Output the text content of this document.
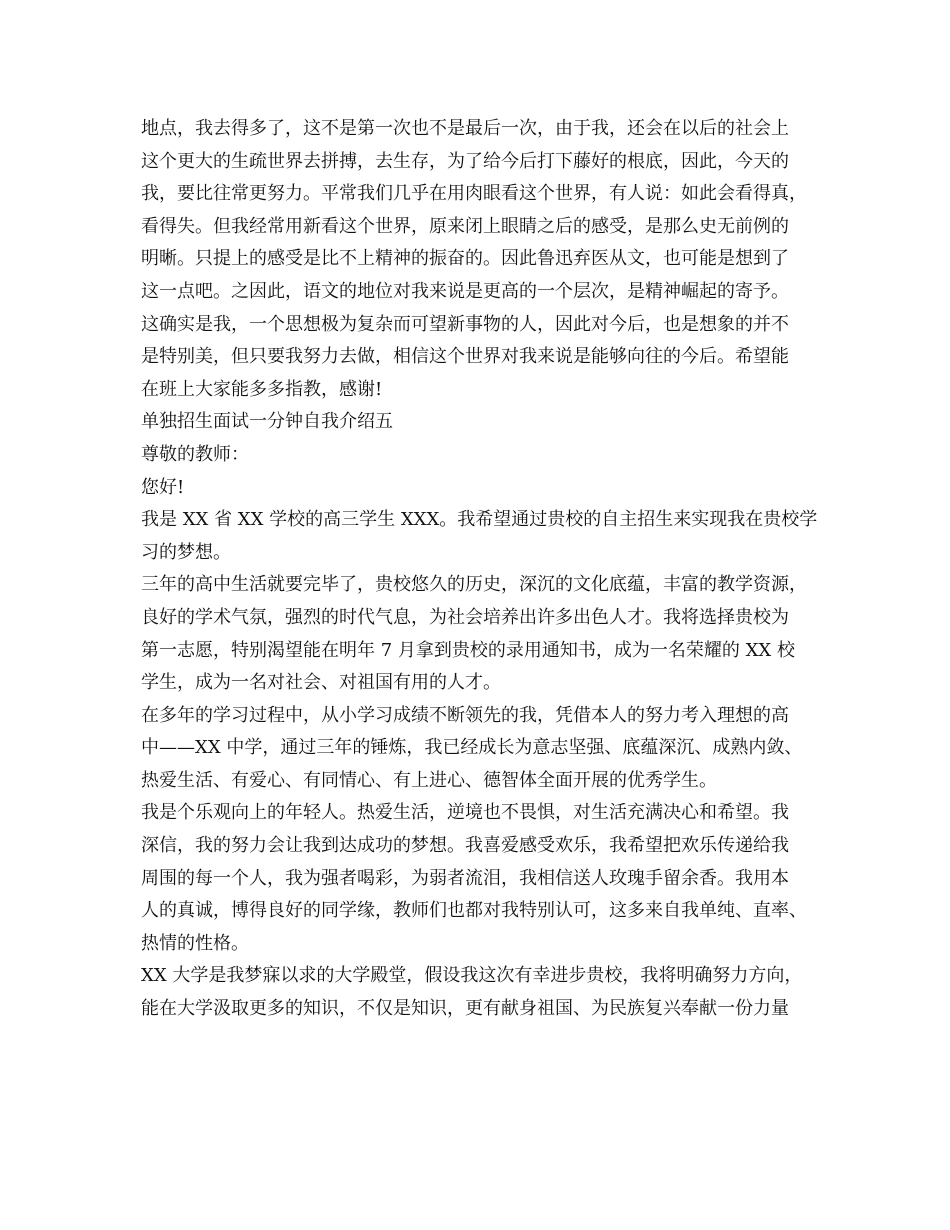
地点，我去得多了，这不是第一次也不是最后一次，由于我，还会在以后的社会上
这个更大的生疏世界去拼搏，去生存，为了给今后打下藤好的根底，因此，今天的
我，要比往常更努力。平常我们几乎在用肉眼看这个世界，有人说：如此会看得真，
看得失。但我经常用新看这个世界，原来闭上眼睛之后的感受，是那么史无前例的
明晰。只提上的感受是比不上精神的振奋的。因此鲁迅弃医从文，也可能是想到了
这一点吧。之因此，语文的地位对我来说是更高的一个层次，是精神崛起的寄予。
这确实是我，一个思想极为复杂而可望新事物的人，因此对今后，也是想象的并不
是特别美，但只要我努力去做，相信这个世界对我来说是能够向往的今后。希望能
在班上大家能多多指教，感谢!
单独招生面试一分钟自我介绍五
尊敬的教师：
您好!
我是 XX 省 XX 学校的高三学生 XXX。我希望通过贵校的自主招生来实现我在贵校学
习的梦想。
三年的高中生活就要完毕了，贵校悠久的历史，深沉的文化底蕴，丰富的教学资源，
良好的学术气氛，强烈的时代气息，为社会培养出许多出色人才。我将选择贵校为
第一志愿，特别渴望能在明年 7 月拿到贵校的录用通知书，成为一名荣耀的 XX 校
学生，成为一名对社会、对祖国有用的人才。
在多年的学习过程中，从小学习成绩不断领先的我，凭借本人的努力考入理想的高
中——XX 中学，通过三年的锤炼，我已经成长为意志坚强、底蕴深沉、成熟内敛、
热爱生活、有爱心、有同情心、有上进心、德智体全面开展的优秀学生。
我是个乐观向上的年轻人。热爱生活，逆境也不畏惧，对生活充满决心和希望。我
深信，我的努力会让我到达成功的梦想。我喜爱感受欢乐，我希望把欢乐传递给我
周围的每一个人，我为强者喝彩，为弱者流泪，我相信送人玫瑰手留余香。我用本
人的真诚，博得良好的同学缘，教师们也都对我特别认可，这多来自我单纯、直率、
热情的性格。
XX 大学是我梦寐以求的大学殿堂，假设我这次有幸进步贵校，我将明确努力方向，
能在大学汲取更多的知识，不仅是知识，更有献身祖国、为民族复兴奉献一份力量
